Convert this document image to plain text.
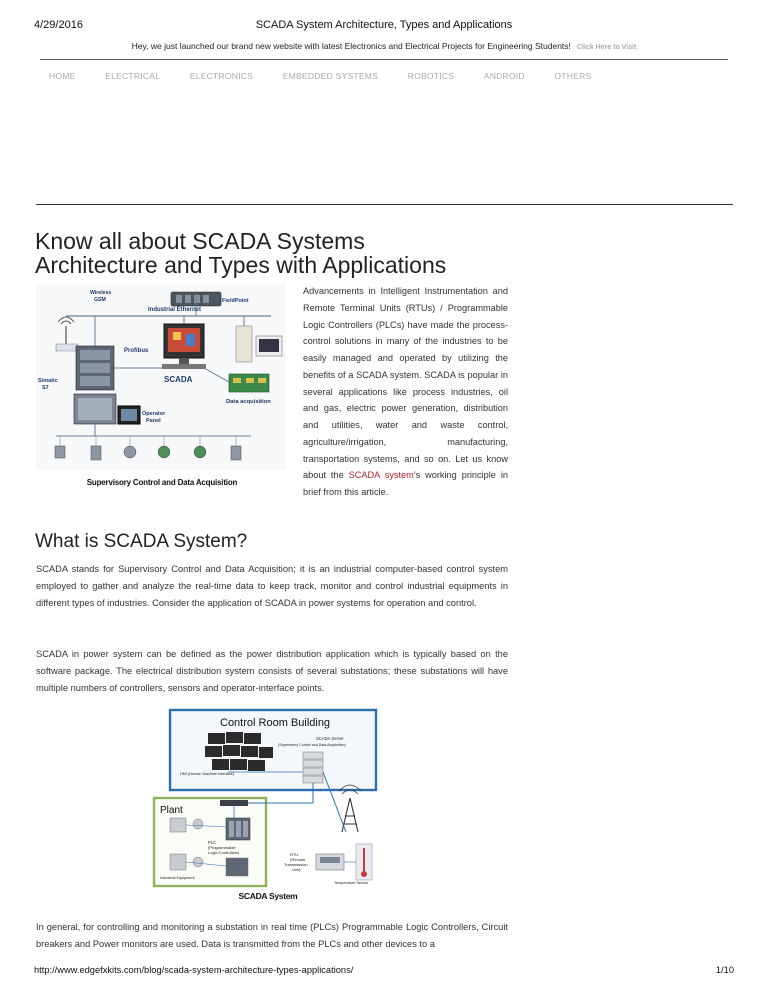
4/29/2016	SCADA System Architecture, Types and Applications
Hey, we just launched our brand new website with latest Electronics and Electrical Projects for Engineering Students! Click Here to Visit
HOME	ELECTRICAL	ELECTRONICS	EMBEDDED SYSTEMS	ROBOTICS	ANDROID	OTHERS
Know all about SCADA Systems
Architecture and Types with Applications
Industrial Ethernet
Wireless
GSM	FieldPoint
Profibus
Simatic
S7
SCADA
Data acquisition
Operator
Panel
Supervisory Control and Data Acquisition
Advancements in Intelligent Instrumentation and Remote Terminal Units (RTUs) / Programmable Logic Controllers (PLCs) have made the process-control solutions in many of the industries to be easily managed and operated by utilizing the benefits of a SCADA system. SCADA is popular in several applications like process industries, oil and gas, electric power generation, distribution and utilities, water and waste control, agriculture/irrigation, manufacturing, transportation systems, and so on. Let us know about the SCADA system's working principle in brief from this article.
What is SCADA System?
SCADA stands for Supervisory Control and Data Acquisition; it is an industrial computer-based control system employed to gather and analyze the real-time data to keep track, monitor and control industrial equipments in different types of industries. Consider the application of SCADA in power systems for operation and control.
SCADA in power system can be defined as the power distribution application which is typically based on the software package. The electrical distribution system consists of several substations; these substations will have multiple numbers of controllers, sensors and operator-interface points.
Control Room Building
HMI (Human Machine Interface)
SCADA Server
(Supervisory Control and Data Acquisition)
Plant
PLC
(Programmable
Logic Controllers)
Industrial Equipment
RTU
(Remote
Transmission
Unit)
Temperature Sensor
SCADA System
In general, for controlling and monitoring a substation in real time (PLCs) Programmable Logic Controllers, Circuit breakers and Power monitors are used. Data is transmitted from the PLCs and other devices to a
http://www.edgefxkits.com/blog/scada-system-architecture-types-applications/	1/10
